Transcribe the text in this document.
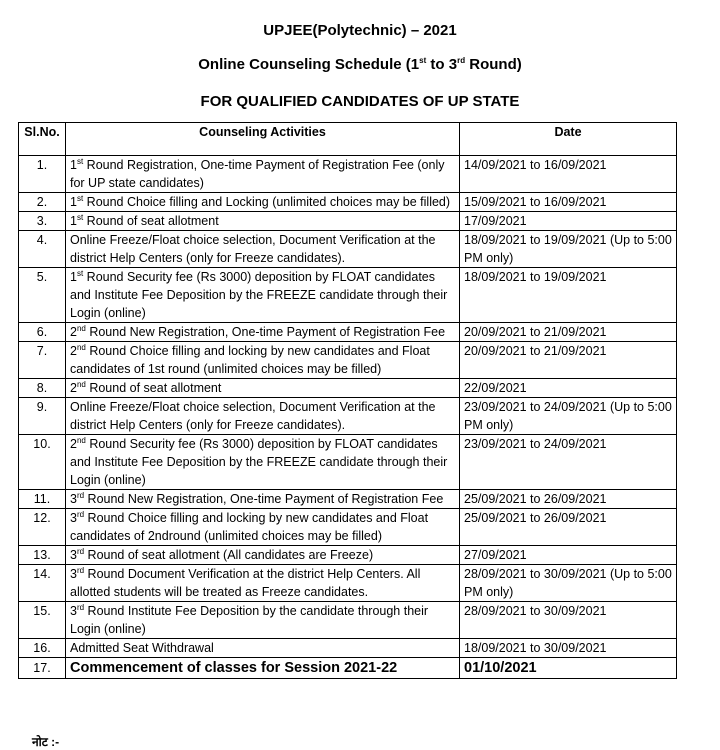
UPJEE(Polytechnic) – 2021
Online Counseling Schedule (1st to 3rd Round)
FOR QUALIFIED CANDIDATES OF UP STATE
Sl.No.	Counseling Activities	Date
1.	1st Round Registration, One-time Payment of Registration Fee (only for UP state candidates)	14/09/2021 to 16/09/2021
2.	1st Round Choice filling and Locking (unlimited choices may be filled)	15/09/2021 to 16/09/2021
3.	1st Round of seat allotment	17/09/2021
4.	Online Freeze/Float choice selection, Document Verification at the district Help Centers (only for Freeze candidates).	18/09/2021 to 19/09/2021 (Up to 5:00 PM only)
5.	1st Round Security fee (Rs 3000) deposition by FLOAT candidates and Institute Fee Deposition by the FREEZE candidate through their Login (online)	18/09/2021 to 19/09/2021
6.	2nd Round New Registration, One-time Payment of Registration Fee	20/09/2021 to 21/09/2021
7.	2nd Round Choice filling and locking by new candidates and Float candidates of 1st round (unlimited choices may be filled)	20/09/2021 to 21/09/2021
8.	2nd Round of seat allotment	22/09/2021
9.	Online Freeze/Float choice selection, Document Verification at the district Help Centers (only for Freeze candidates).	23/09/2021 to 24/09/2021 (Up to 5:00 PM only)
10.	2nd Round Security fee (Rs 3000) deposition by FLOAT candidates and Institute Fee Deposition by the FREEZE candidate through their Login (online)	23/09/2021 to 24/09/2021
11.	3rd Round New Registration, One-time Payment of Registration Fee	25/09/2021 to 26/09/2021
12.	3rd Round Choice filling and locking by new candidates and Float candidates of 2ndround (unlimited choices may be filled)	25/09/2021 to 26/09/2021
13.	3rd Round of seat allotment (All candidates are Freeze)	27/09/2021
14.	3rd Round Document Verification at the district Help Centers. All allotted students will be treated as Freeze candidates.	28/09/2021 to 30/09/2021 (Up to 5:00 PM only)
15.	3rd Round Institute Fee Deposition by the candidate through their Login (online)	28/09/2021 to 30/09/2021
16.	Admitted Seat Withdrawal	18/09/2021 to 30/09/2021
17.	Commencement of classes for Session 2021-22	01/10/2021
नोट :-
